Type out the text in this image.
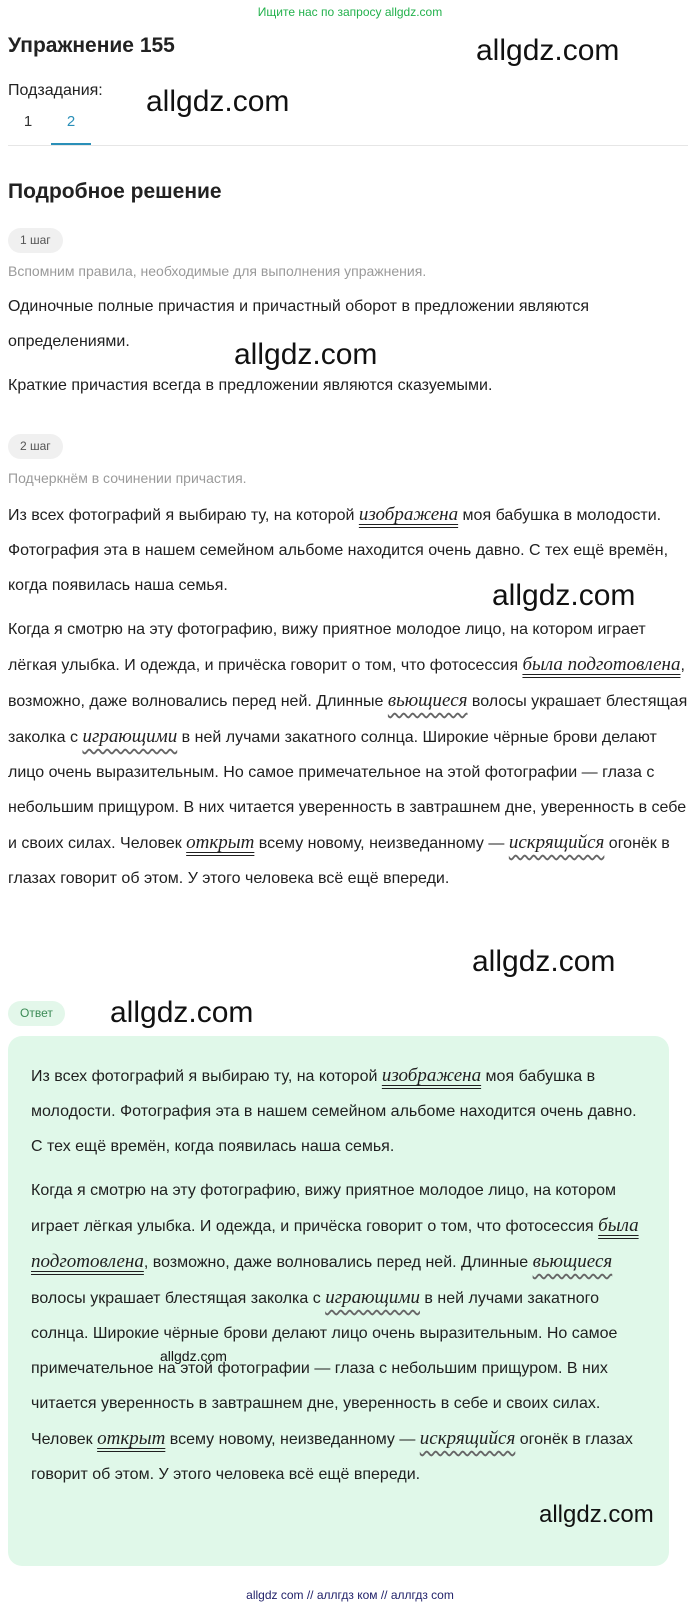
Ищите нас по запросу allgdz.com
Упражнение 155	allgdz.com
Подзадания: allgdz.com
1	2
Подробное решение
1 шаг
Вспомним правила, необходимые для выполнения упражнения.
Одиночные полные причастия и причастный оборот в предложении являются определениями.	allgdz.com
Краткие причастия всегда в предложении являются сказуемыми.
2 шаг
Подчеркнём в сочинении причастия.
Из всех фотографий я выбираю ту, на которой изображена моя бабушка в молодости. Фотография эта в нашем семейном альбоме находится очень давно. С тех ещё времён, когда появилась наша семья.	allgdz.com
Когда я смотрю на эту фотографию, вижу приятное молодое лицо, на котором играет лёгкая улыбка. И одежда, и причёска говорит о том, что фотосессия была подготовлена, возможно, даже волновались перед ней. Длинные вьющиеся волосы украшает блестящая заколка с играющими в ней лучами закатного солнца. Широкие чёрные брови делают лицо очень выразительным. Но самое примечательное на этой фотографии — глаза с небольшим прищуром. В них читается уверенность в завтрашнем дне, уверенность в себе и своих силах. Человек открыт всему новому, неизведанному — искрящийся огонёк в глазах говорит об этом. У этого человека всё ещё впереди.
allgdz.com
Ответ	allgdz.com
Из всех фотографий я выбираю ту, на которой изображена моя бабушка в молодости. Фотография эта в нашем семейном альбоме находится очень давно. С тех ещё времён, когда появилась наша семья.
Когда я смотрю на эту фотографию, вижу приятное молодое лицо, на котором играет лёгкая улыбка. И одежда, и причёска говорит о том, что фотосессия была подготовлена, возможно, даже волновались перед ней. Длинные вьющиеся волосы украшает блестящая заколка с играющими в ней лучами закатного солнца. Широкие чёрные брови делают лицо очень выразительным. Но самое примечательное на этой фотографии — глаза с небольшим прищуром. В них читается уверенность в завтрашнем дне, уверенность в себе и своих силах. Человек открыт всему новому, неизведанному — искрящийся огонёк в глазах говорит об этом. У этого человека всё ещё впереди.
allgdz.com
allgdz.com
allgdz com // аллгдз ком // аллгдз com
